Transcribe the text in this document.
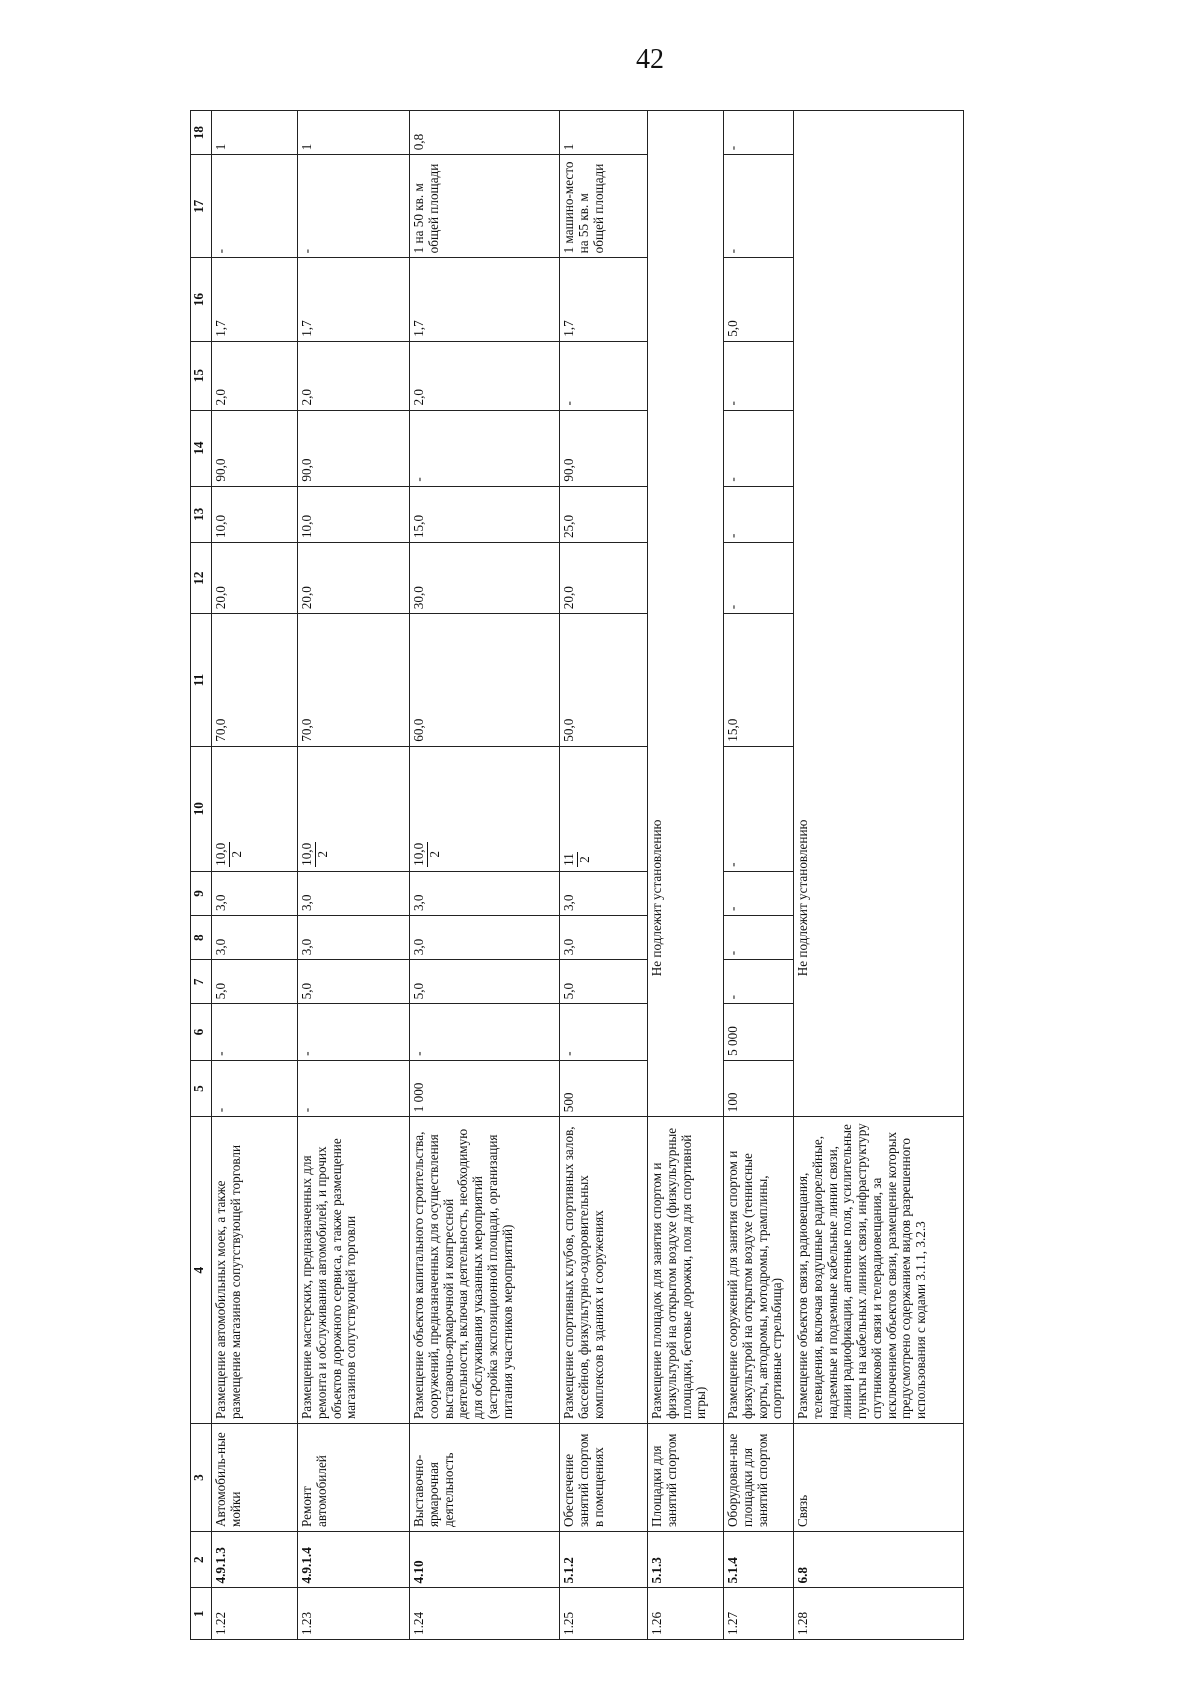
42
1	2	3	4	5	6	7	8	9	10	11	12	13	14	15	16	17	18
1.22	4.9.1.3	Автомобиль-ные мойки	Размещение автомобильных моек, а также размещение магазинов сопутствующей торговли	-	-	5,0	3,0	3,0	10,0 2	70,0	20,0	10,0	90,0	2,0	1,7	-	1
1.23	4.9.1.4	Ремонт автомобилей	Размещение мастерских, предназначенных для ремонта и обслуживания автомобилей, и прочих объектов дорожного сервиса, а также размещение магазинов сопутствующей торговли	-	-	5,0	3,0	3,0	10,0 2	70,0	20,0	10,0	90,0	2,0	1,7	-	1
1.24	4.10	Выставочно-ярмарочная деятельность	Размещение объектов капитального строительства, сооружений, предназначенных для осуществления выставочно-ярмарочной и конгрессной деятельности, включая деятельность, необходимую для обслуживания указанных мероприятий (застройка экспозиционной площади, организация питания участников мероприятий)	1 000	-	5,0	3,0	3,0	10,0 2	60,0	30,0	15,0	-	2,0	1,7	1 на 50 кв. м общей площади	0,8
1.25	5.1.2	Обеспечение занятий спортом в помещениях	Размещение спортивных клубов, спортивных залов, бассейнов, физкультурно-оздоровительных комплексов в зданиях и сооружениях	500	-	5,0	3,0	3,0	11 2	50,0	20,0	25,0	90,0	-	1,7	1 машино-место на 55 кв. м общей площади	1
1.26	5.1.3	Площадки для занятий спортом	Размещение площадок для занятия спортом и физкультурой на открытом воздухе (физкультурные площадки, беговые дорожки, поля для спортивной игры)	Не подлежит установлению													
1.27	5.1.4	Оборудован-ные площадки для занятий спортом	Размещение сооружений для занятия спортом и физкультурой на открытом воздухе (теннисные корты, автодромы, мотодромы, трамплины, спортивные стрельбища)	100	5 000	-	-	-	-	15,0	-	-	-	-	5,0	-	-
1.28	6.8	Связь	Размещение объектов связи, радиовещания, телевидения, включая воздушные радиорелейные, надземные и подземные кабельные линии связи, линии радиофикации, антенные поля, усилительные пункты на кабельных линиях связи, инфраструктуру спутниковой связи и телерадиовещания, за исключением объектов связи, размещение которых предусмотрено содержанием видов разрешенного использования с кодами 3.1.1, 3.2.3	Не подлежит установлению													
